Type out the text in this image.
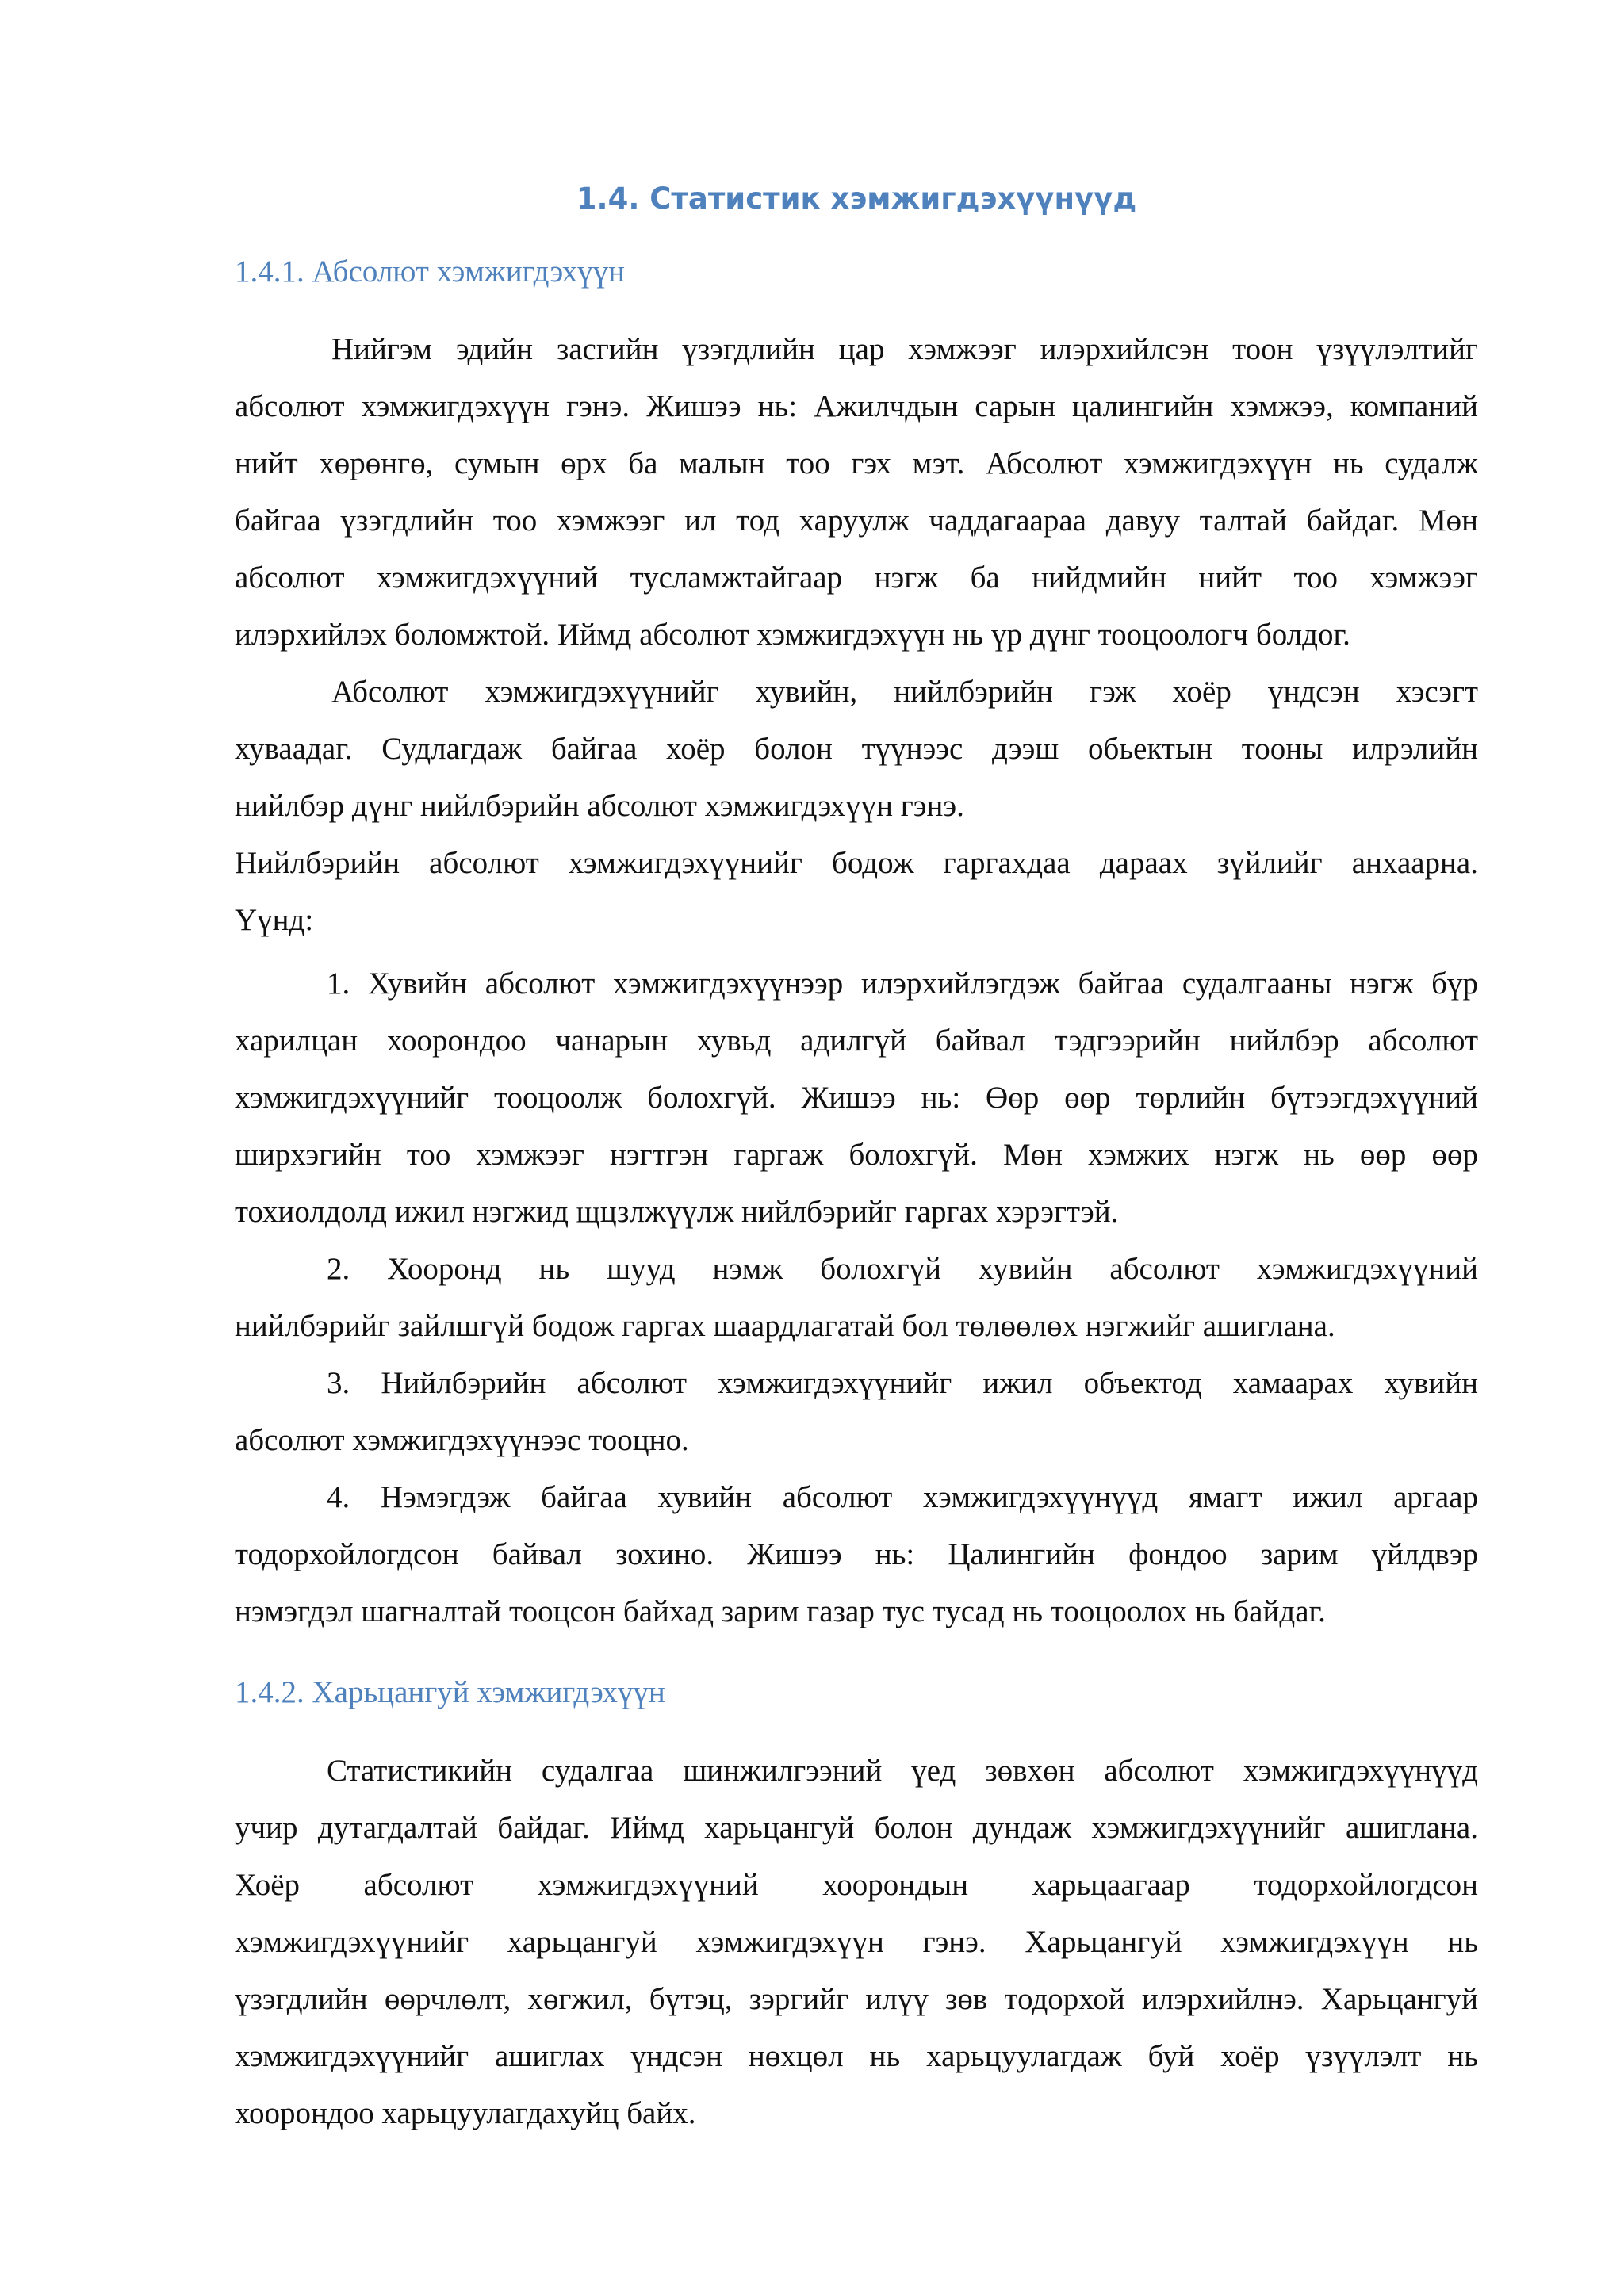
1.4. Статистик хэмжигдэхүүнүүд
1.4.1. Абсолют хэмжигдэхүүн
Нийгэм эдийн засгийн үзэгдлийн цар хэмжээг илэрхийлсэн тоон үзүүлэлтийг
абсолют хэмжигдэхүүн гэнэ. Жишээ нь: Ажилчдын сарын цалингийн хэмжээ, компаний
нийт хөрөнгө, сумын өрх ба малын тоо гэх мэт. Абсолют хэмжигдэхүүн нь судалж
байгаа үзэгдлийн тоо хэмжээг ил тод харуулж чаддагаараа давуу талтай байдаг. Мөн
абсолют хэмжигдэхүүний тусламжтайгаар нэгж ба нийдмийн нийт тоо хэмжээг
илэрхийлэх боломжтой. Иймд абсолют хэмжигдэхүүн нь үр дүнг тооцоологч болдог.
Абсолют хэмжигдэхүүнийг хувийн, нийлбэрийн гэж хоёр үндсэн хэсэгт
хуваадаг. Судлагдаж байгаа хоёр болон түүнээс дээш обьектын тооны илрэлийн
нийлбэр дүнг нийлбэрийн абсолют хэмжигдэхүүн гэнэ.
Нийлбэрийн абсолют хэмжигдэхүүнийг бодож гаргахдаа дараах зүйлийг анхаарна.
Үүнд:
1. Хувийн абсолют хэмжигдэхүүнээр илэрхийлэгдэж байгаа судалгааны нэгж бүр
харилцан хоорондоо чанарын хувьд адилгүй байвал тэдгээрийн нийлбэр абсолют
хэмжигдэхүүнийг тооцоолж болохгүй. Жишээ нь: Өөр өөр төрлийн бүтээгдэхүүний
ширхэгийн тоо хэмжээг нэгтгэн гаргаж болохгүй. Мөн хэмжих нэгж нь өөр өөр
тохиолдолд ижил нэгжид щцзлжүүлж нийлбэрийг гаргах хэрэгтэй.
2. Хооронд нь шууд нэмж болохгүй хувийн абсолют хэмжигдэхүүний
нийлбэрийг зайлшгүй бодож гаргах шаардлагатай бол төлөөлөх нэгжийг ашиглана.
3. Нийлбэрийн абсолют хэмжигдэхүүнийг ижил объектод хамаарах хувийн
абсолют хэмжигдэхүүнээс тооцно.
4. Нэмэгдэж байгаа хувийн абсолют хэмжигдэхүүнүүд ямагт ижил аргаар
тодорхойлогдсон байвал зохино. Жишээ нь: Цалингийн фондоо зарим үйлдвэр
нэмэгдэл шагналтай тооцсон байхад зарим газар тус тусад нь тооцоолох нь байдаг.
1.4.2. Харьцангуй хэмжигдэхүүн
Статистикийн судалгаа шинжилгээний үед зөвхөн абсолют хэмжигдэхүүнүүд
учир дутагдалтай байдаг. Иймд харьцангуй болон дундаж хэмжигдэхүүнийг ашиглана.
Хоёр абсолют хэмжигдэхүүний хоорондын харьцаагаар тодорхойлогдсон
хэмжигдэхүүнийг харьцангуй хэмжигдэхүүн гэнэ. Харьцангуй хэмжигдэхүүн нь
үзэгдлийн өөрчлөлт, хөгжил, бүтэц, зэргийг илүү зөв тодорхой илэрхийлнэ. Харьцангуй
хэмжигдэхүүнийг ашиглах үндсэн нөхцөл нь харьцуулагдаж буй хоёр үзүүлэлт нь
хоорондоо харьцуулагдахуйц байх.
